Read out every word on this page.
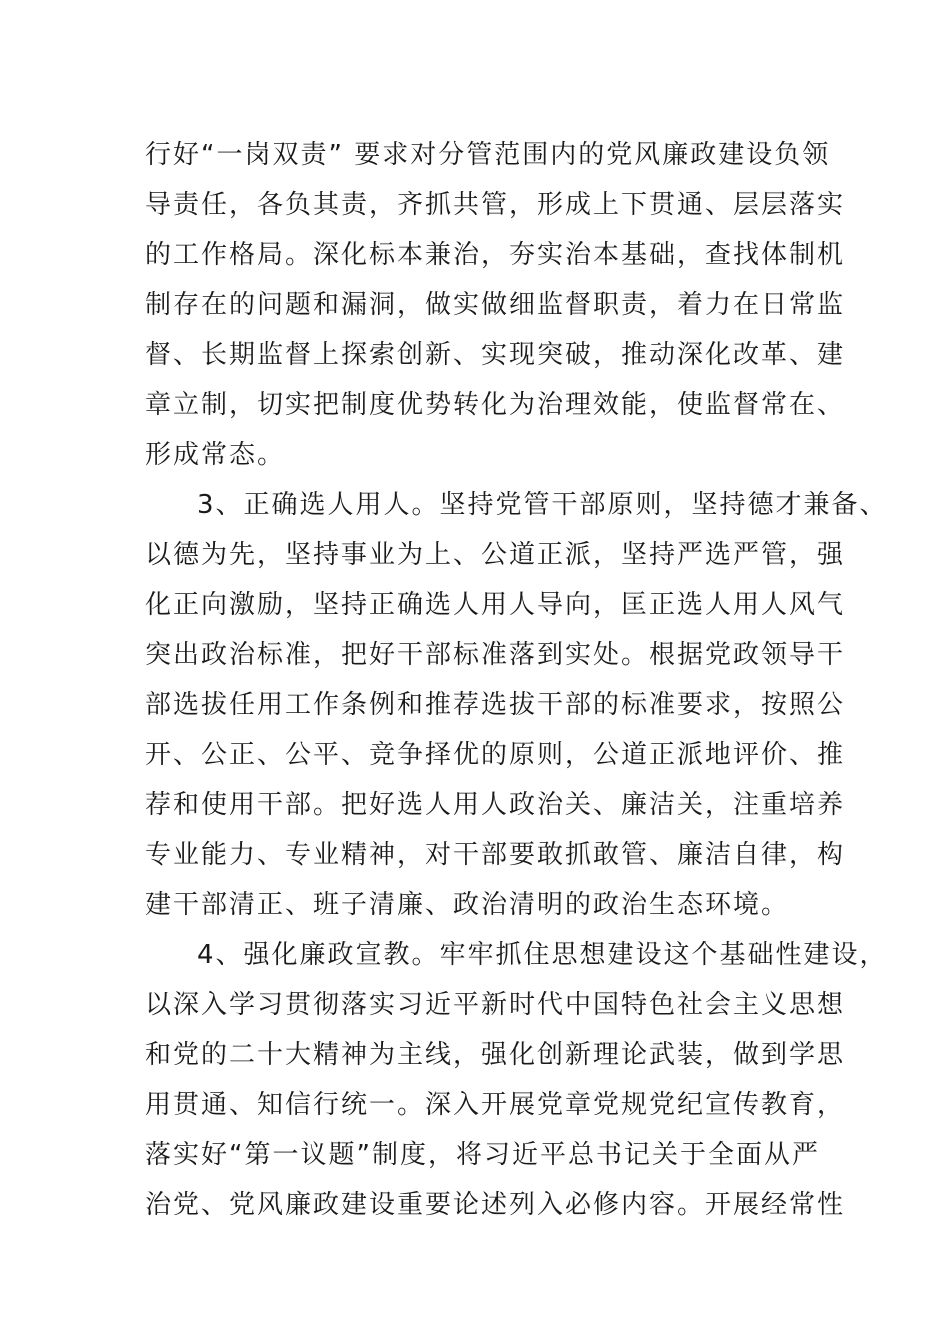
行好“一岗双责” 要求对分管范围内的党风廉政建设负领
导责任，各负其责，齐抓共管，形成上下贯通、层层落实
的工作格局。深化标本兼治，夯实治本基础，查找体制机
制存在的问题和漏洞，做实做细监督职责，着力在日常监
督、长期监督上探索创新、实现突破，推动深化改革、建
章立制，切实把制度优势转化为治理效能，使监督常在、
形成常态。
3、正确选人用人。坚持党管干部原则，坚持德才兼备、
以德为先，坚持事业为上、公道正派，坚持严选严管，强
化正向激励，坚持正确选人用人导向，匡正选人用人风气
突出政治标准，把好干部标准落到实处。根据党政领导干
部选拔任用工作条例和推荐选拔干部的标准要求，按照公
开、公正、公平、竞争择优的原则，公道正派地评价、推
荐和使用干部。把好选人用人政治关、廉洁关，注重培养
专业能力、专业精神，对干部要敢抓敢管、廉洁自律，构
建干部清正、班子清廉、政治清明的政治生态环境。
4、强化廉政宣教。牢牢抓住思想建设这个基础性建设，
以深入学习贯彻落实习近平新时代中国特色社会主义思想
和党的二十大精神为主线，强化创新理论武装，做到学思
用贯通、知信行统一。深入开展党章党规党纪宣传教育，
落实好“第一议题”制度，将习近平总书记关于全面从严
治党、党风廉政建设重要论述列入必修内容。开展经常性
